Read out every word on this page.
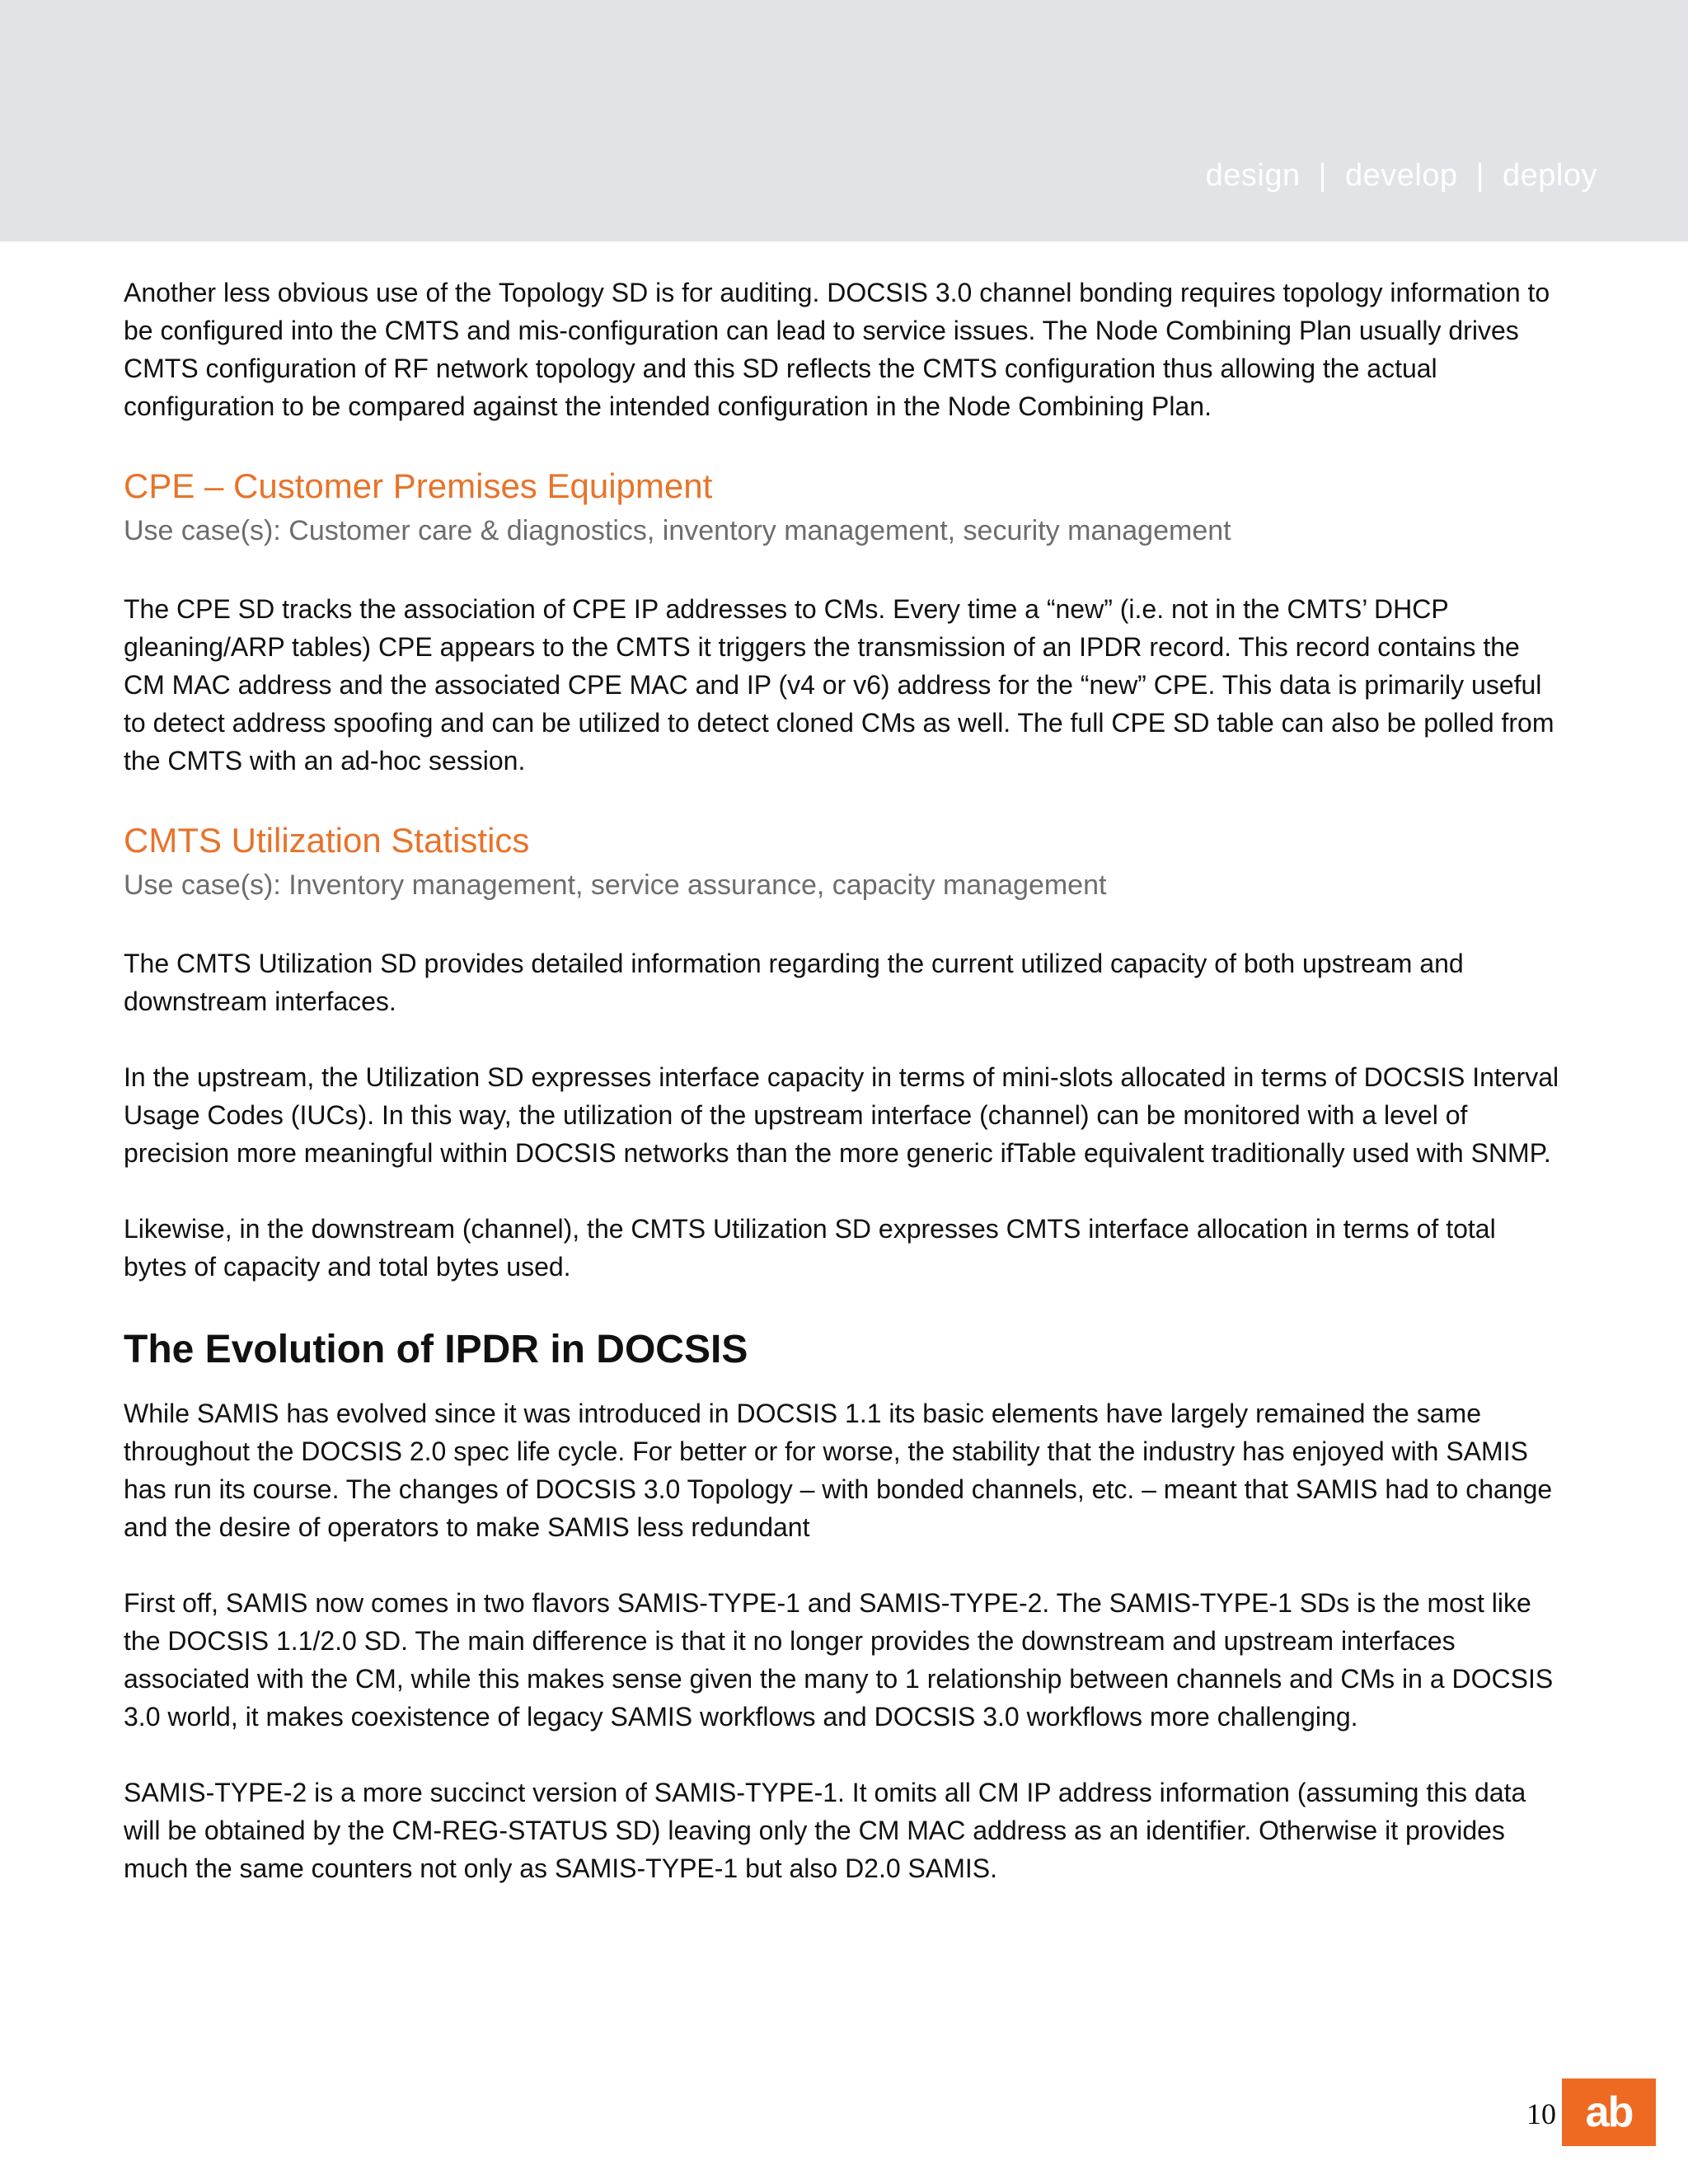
design | develop | deploy

Another less obvious use of the Topology SD is for auditing. DOCSIS 3.0 channel bonding requires topology information to be configured into the CMTS and mis-configuration can lead to service issues. The Node Combining Plan usually drives CMTS configuration of RF network topology and this SD reflects the CMTS configuration thus allowing the actual configuration to be compared against the intended configuration in the Node Combining Plan.

CPE – Customer Premises Equipment
Use case(s): Customer care & diagnostics, inventory management, security management

The CPE SD tracks the association of CPE IP addresses to CMs. Every time a “new” (i.e. not in the CMTS’ DHCP gleaning/ARP tables) CPE appears to the CMTS it triggers the transmission of an IPDR record. This record contains the CM MAC address and the associated CPE MAC and IP (v4 or v6) address for the “new” CPE. This data is primarily useful to detect address spoofing and can be utilized to detect cloned CMs as well. The full CPE SD table can also be polled from the CMTS with an ad-hoc session.

CMTS Utilization Statistics
Use case(s): Inventory management, service assurance, capacity management

The CMTS Utilization SD provides detailed information regarding the current utilized capacity of both upstream and downstream interfaces.

In the upstream, the Utilization SD expresses interface capacity in terms of mini-slots allocated in terms of DOCSIS Interval Usage Codes (IUCs). In this way, the utilization of the upstream interface (channel) can be monitored with a level of precision more meaningful within DOCSIS networks than the more generic ifTable equivalent traditionally used with SNMP.

Likewise, in the downstream (channel), the CMTS Utilization SD expresses CMTS interface allocation in terms of total bytes of capacity and total bytes used.

The Evolution of IPDR in DOCSIS

While SAMIS has evolved since it was introduced in DOCSIS 1.1 its basic elements have largely remained the same throughout the DOCSIS 2.0 spec life cycle. For better or for worse, the stability that the industry has enjoyed with SAMIS has run its course. The changes of DOCSIS 3.0 Topology – with bonded channels, etc. – meant that SAMIS had to change and the desire of operators to make SAMIS less redundant

First off, SAMIS now comes in two flavors SAMIS-TYPE-1 and SAMIS-TYPE-2. The SAMIS-TYPE-1 SDs is the most like the DOCSIS 1.1/2.0 SD. The main difference is that it no longer provides the downstream and upstream interfaces associated with the CM, while this makes sense given the many to 1 relationship between channels and CMs in a DOCSIS 3.0 world, it makes coexistence of legacy SAMIS workflows and DOCSIS 3.0 workflows more challenging.

SAMIS-TYPE-2 is a more succinct version of SAMIS-TYPE-1. It omits all CM IP address information (assuming this data will be obtained by the CM-REG-STATUS SD) leaving only the CM MAC address as an identifier. Otherwise it provides much the same counters not only as SAMIS-TYPE-1 but also D2.0 SAMIS.

10 ab
